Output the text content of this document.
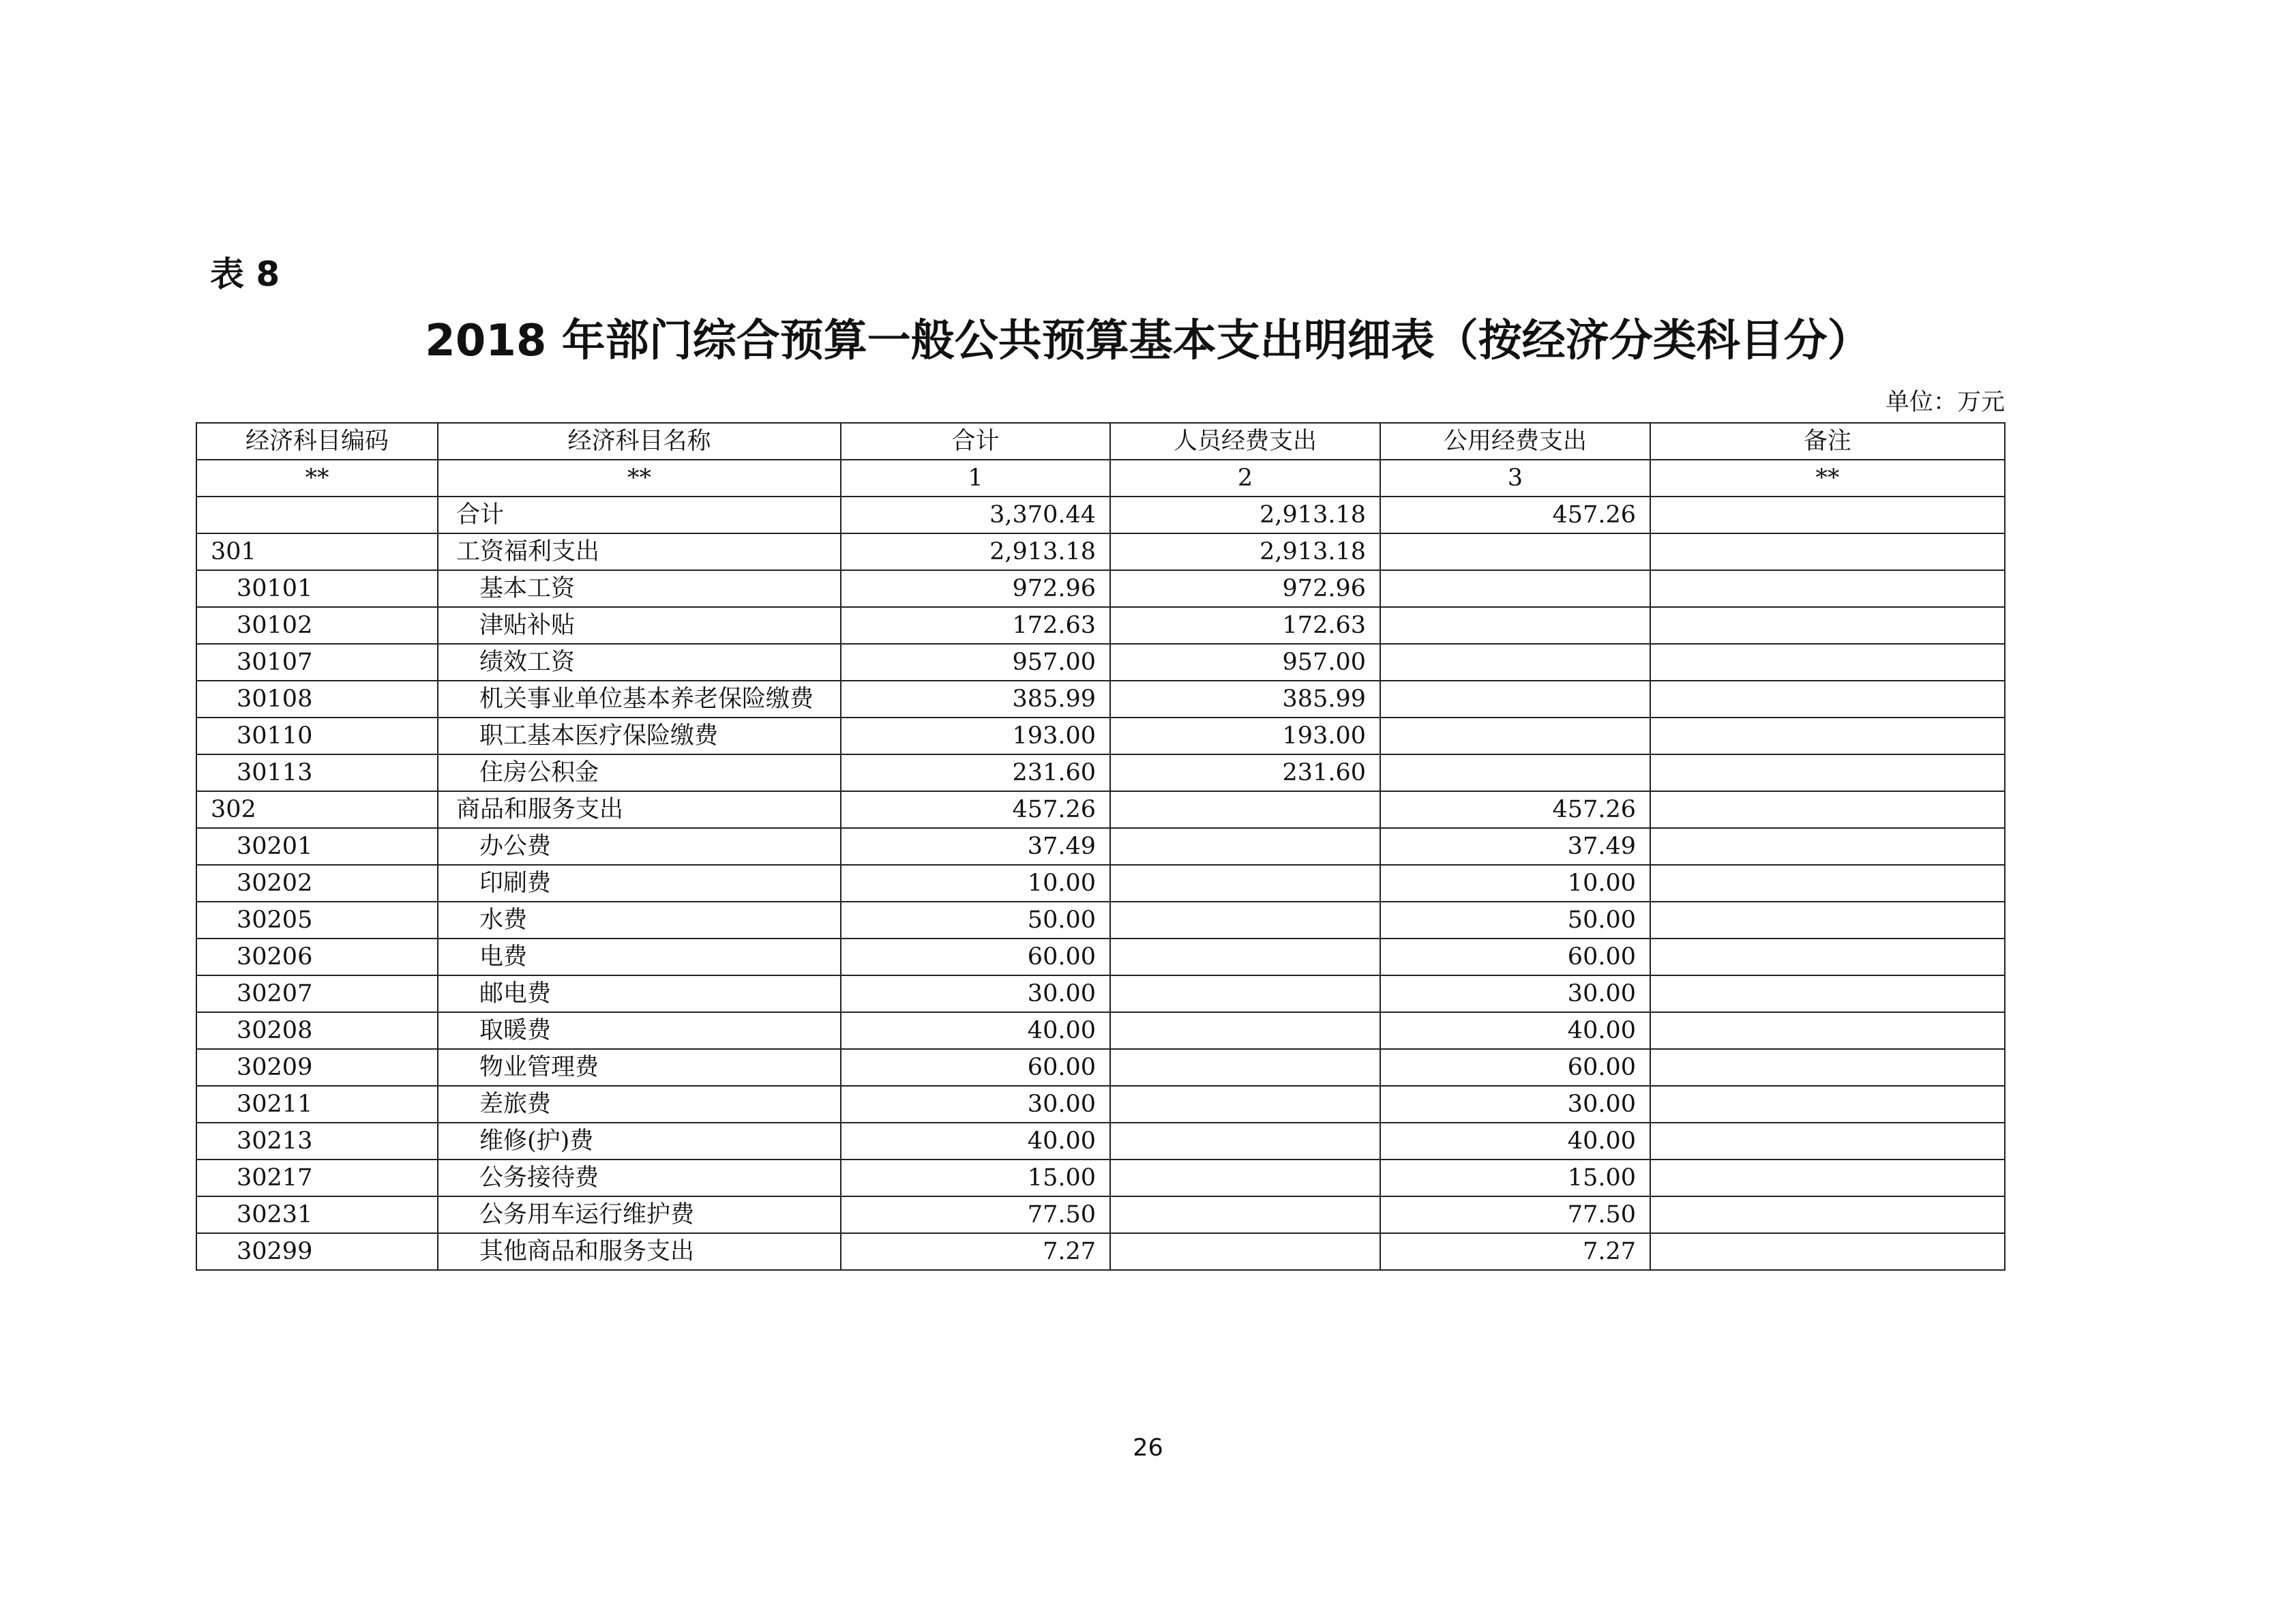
表 8
2018 年部门综合预算一般公共预算基本支出明细表（按经济分类科目分）
单位：万元
经济科目编码	经济科目名称	合计	人员经费支出	公用经费支出	备注
**	**	1	2	3	**
	合计	3,370.44	2,913.18	457.26	
301	工资福利支出	2,913.18	2,913.18		
30101	基本工资	972.96	972.96		
30102	津贴补贴	172.63	172.63		
30107	绩效工资	957.00	957.00		
30108	机关事业单位基本养老保险缴费	385.99	385.99		
30110	职工基本医疗保险缴费	193.00	193.00		
30113	住房公积金	231.60	231.60		
302	商品和服务支出	457.26		457.26	
30201	办公费	37.49		37.49	
30202	印刷费	10.00		10.00	
30205	水费	50.00		50.00	
30206	电费	60.00		60.00	
30207	邮电费	30.00		30.00	
30208	取暖费	40.00		40.00	
30209	物业管理费	60.00		60.00	
30211	差旅费	30.00		30.00	
30213	维修(护)费	40.00		40.00	
30217	公务接待费	15.00		15.00	
30231	公务用车运行维护费	77.50		77.50	
30299	其他商品和服务支出	7.27		7.27	
26
